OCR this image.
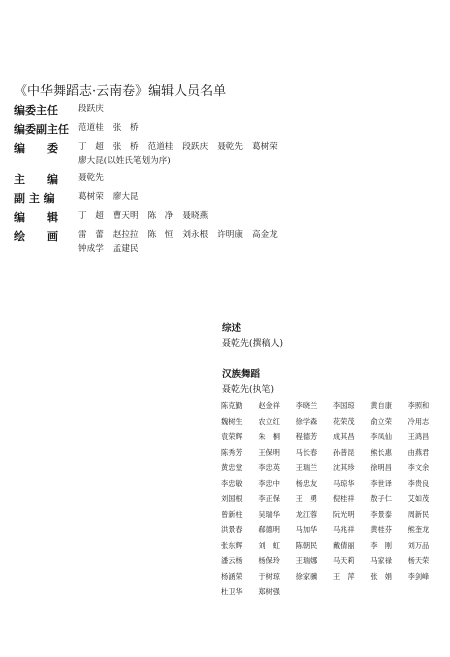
《中华舞蹈志·云南卷》编辑人员名单
编委主任	段跃庆
编委副主任	范道桂 张　桥
编　　委	丁　超 张　桥 范道桂 段跃庆 聂乾先 葛树荣
廖大昆(以姓氏笔划为序)
主　　编	聂乾先
副 主 编	葛树荣 廖大昆
编　　辑	丁　超 曹天明 陈　净 聂晓燕
绘　　画	雷　蕾 赵拉拉 陈　恒 刘永根 许明康 高金龙
钟成学 孟建民
综述
聂乾先(撰稿人)
汉族舞蹈
聂乾先(执笔)
陈克勤	赵金祥	李晓兰	李国琼	黄自康	李照和
魏树生	农立红	徐学森	花荣茂	俞立荣	冷用志
袁荣辉	朱　桐	程德芳	成其昌	李凤仙	王鸿昌
陈秀芳	王保明	马长春	孙普昆	熊长惠	由燕君
黄忠堂	李忠英	王瑞兰	沈其珍	徐明昌	李文余
李忠敏	李忠中	杨忠友	马琼华	李世译	李贵良
刘国根	李正保	王　勇	倪桂祥	敖子仁	艾如茂
曾新柱	吴瑞华	龙江蓉	阮光明	李景泰	周新民
洪景春	郗德明	马加华	马兆祥	黄桂芬	熊奎龙
张东辉	刘　虹	陈朝民	戴倩丽	李　刚	刘万品
潘云杨	杨保玲	王瑞娜	马天莉	马家禄	杨天荣
杨涵荣	于树琼	徐家骥	王　萍	张　娟	李剑峰
杜卫华	郑树强
